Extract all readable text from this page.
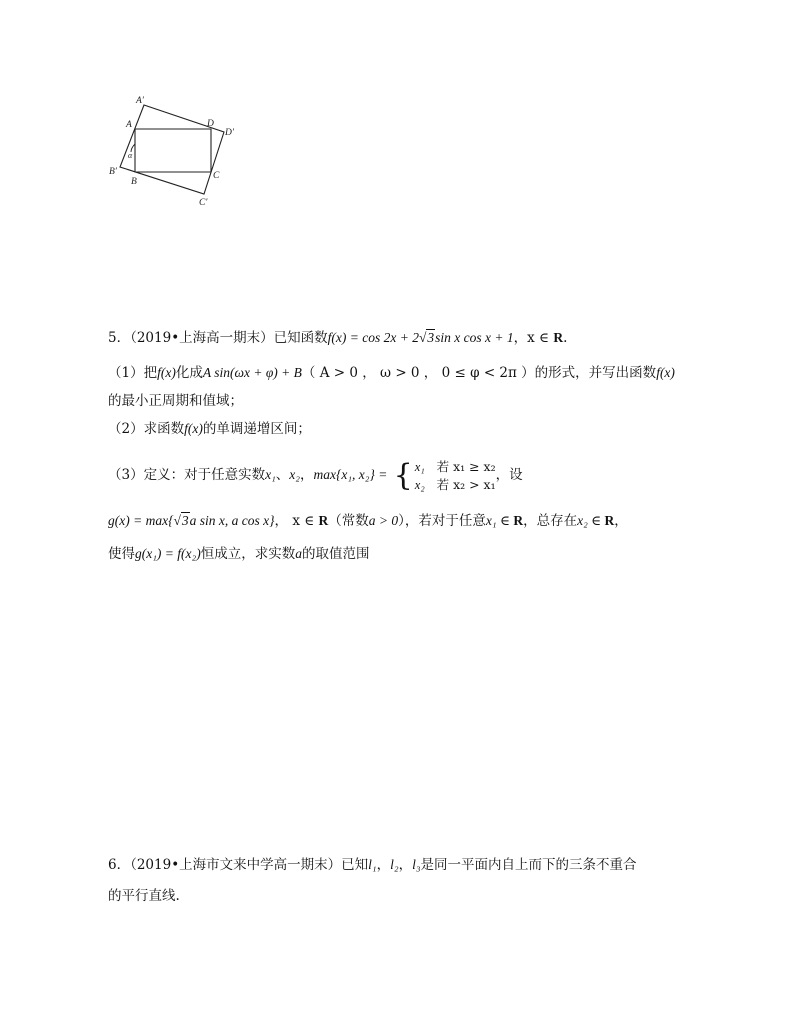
A′
A	D
D′
α
B′
B
C
C′
5．（2019•上海高一期末）已知函数f(x) = cos 2x + 2√3sin x cos x + 1，x ∈ R.
（1）把f(x)化成A sin(ωx + φ) + B（ A > 0 ， ω > 0 ， 0 ≤ φ < 2π ）的形式，并写出函数f(x)
的最小正周期和值域；
（2）求函数f(x)的单调递增区间；
（3）定义：对于任意实数x₁、x₂，max{x₁, x₂} = { x₁ 若 x₁ ≥ x₂
x₂ 若 x₂ > x₁
，设
g(x) = max{√3a sin x, a cos x}， x ∈ R（常数a > 0），若对于任意x₁ ∈ R，总存在x₂ ∈ R，
使得g(x₁) = f(x₂)恒成立，求实数a的取值范围
6．（2019•上海市文来中学高一期末）已知l₁，l₂，l₃是同一平面内自上而下的三条不重合
的平行直线.
